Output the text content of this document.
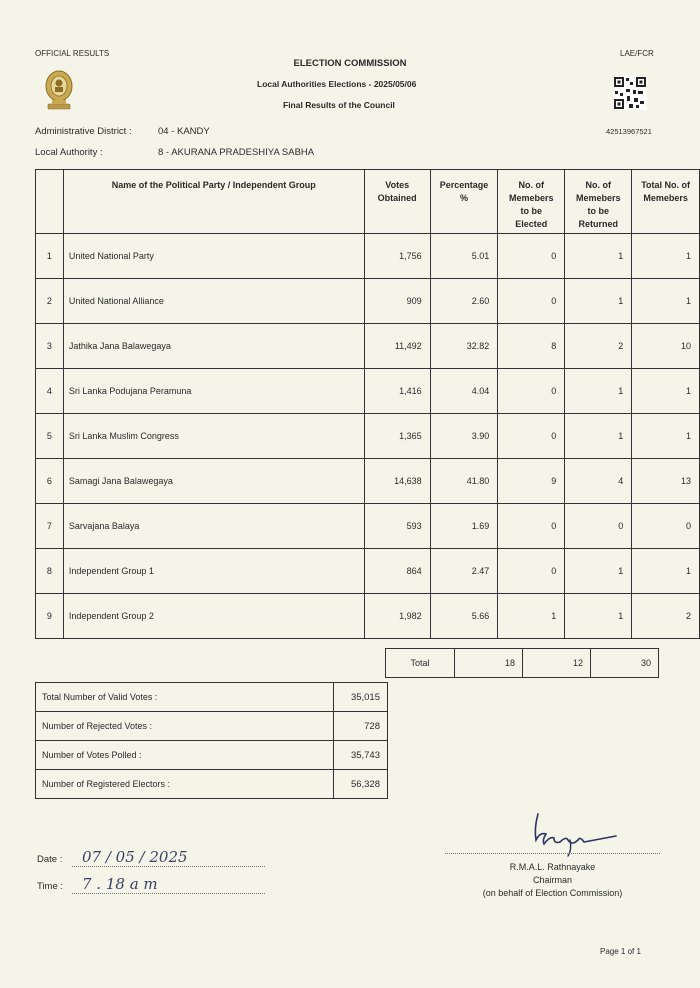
OFFICIAL RESULTS	LAE/FCR
ELECTION COMMISSION
Local Authorities Elections - 2025/05/06
Final Results of the Council
42513967521
Administrative District :	04 - KANDY
Local Authority :	8 - AKURANA PRADESHIYA SABHA
	Name of the Political Party / Independent Group	Votes Obtained	Percentage %	No. of Memebers to be Elected	No. of Memebers to be Returned	Total No. of Memebers

1	United National Party	1,756	5.01	0	1	1
2	United National Alliance	909	2.60	0	1	1
3	Jathika Jana Balawegaya	11,492	32.82	8	2	10
4	Sri Lanka Podujana Peramuna	1,416	4.04	0	1	1
5	Sri Lanka Muslim Congress	1,365	3.90	0	1	1
6	Samagi Jana Balawegaya	14,638	41.80	9	4	13
7	Sarvajana Balaya	593	1.69	0	0	0
8	Independent Group 1	864	2.47	0	1	1
9	Independent Group 2	1,982	5.66	1	1	2
Total	18	12	30
Total Number of Valid Votes :	35,015
Number of Rejected Votes :	728
Number of Votes Polled :	35,743
Number of Registered Electors :	56,328
Date : 07 / 05 / 2025
Time : 7 . 18 a m
R.M.A.L. Rathnayake
Chairman
(on behalf of Election Commission)
Page 1 of 1
